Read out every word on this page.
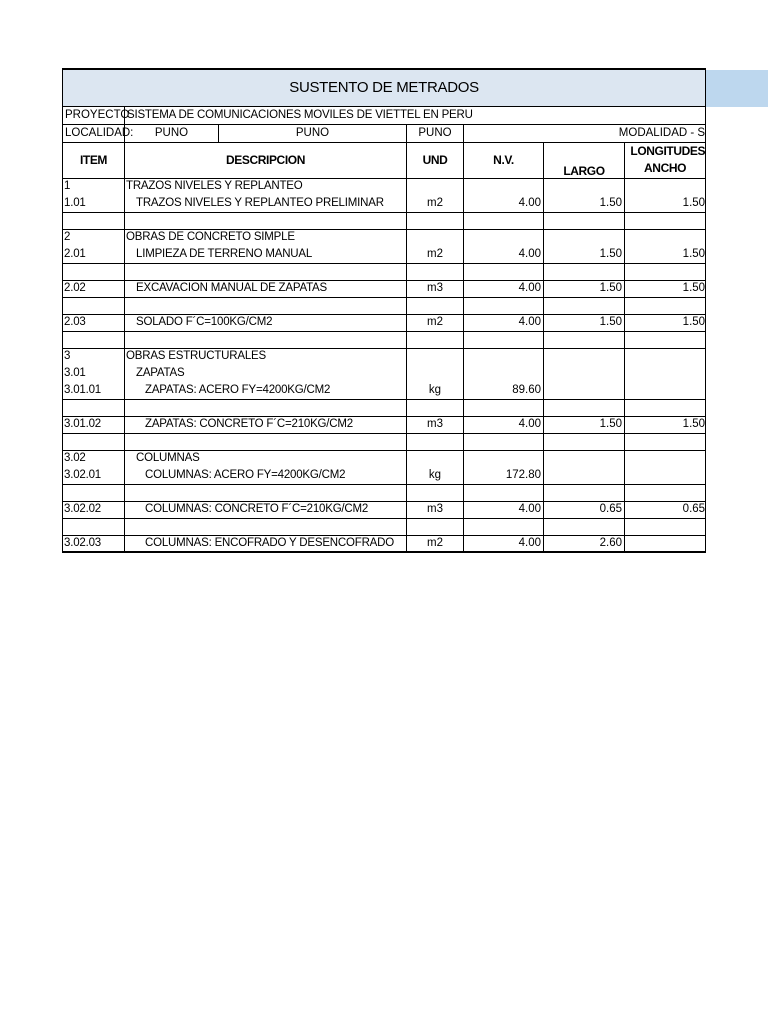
SUSTENTO DE METRADOS					
PROYECTO	SISTEMA DE COMUNICACIONES MOVILES DE VIETTEL EN PERU				
LOCALIDAD:	PUNO PUNO	PUNO	MODALIDAD - S		
ITEM	DESCRIPCION	UND	N.V.		LONGITUDES
				LARGO	ANCHO
1	TRAZOS NIVELES Y REPLANTEO				
1.01	TRAZOS NIVELES Y REPLANTEO PRELIMINAR	m2	4.00	1.50	1.50

2	OBRAS DE CONCRETO SIMPLE				
2.01	LIMPIEZA DE TERRENO MANUAL	m2	4.00	1.50	1.50

2.02	EXCAVACION MANUAL DE ZAPATAS	m3	4.00	1.50	1.50

2.03	SOLADO F´C=100KG/CM2	m2	4.00	1.50	1.50

3	OBRAS ESTRUCTURALES				
3.01	ZAPATAS				
3.01.01	ZAPATAS: ACERO FY=4200KG/CM2	kg	89.60		

3.01.02	ZAPATAS: CONCRETO F´C=210KG/CM2	m3	4.00	1.50	1.50

3.02	COLUMNAS				
3.02.01	COLUMNAS: ACERO FY=4200KG/CM2	kg	172.80		

3.02.02	COLUMNAS: CONCRETO F´C=210KG/CM2	m3	4.00	0.65	0.65

3.02.03	COLUMNAS: ENCOFRADO Y DESENCOFRADO	m2	4.00	2.60	
